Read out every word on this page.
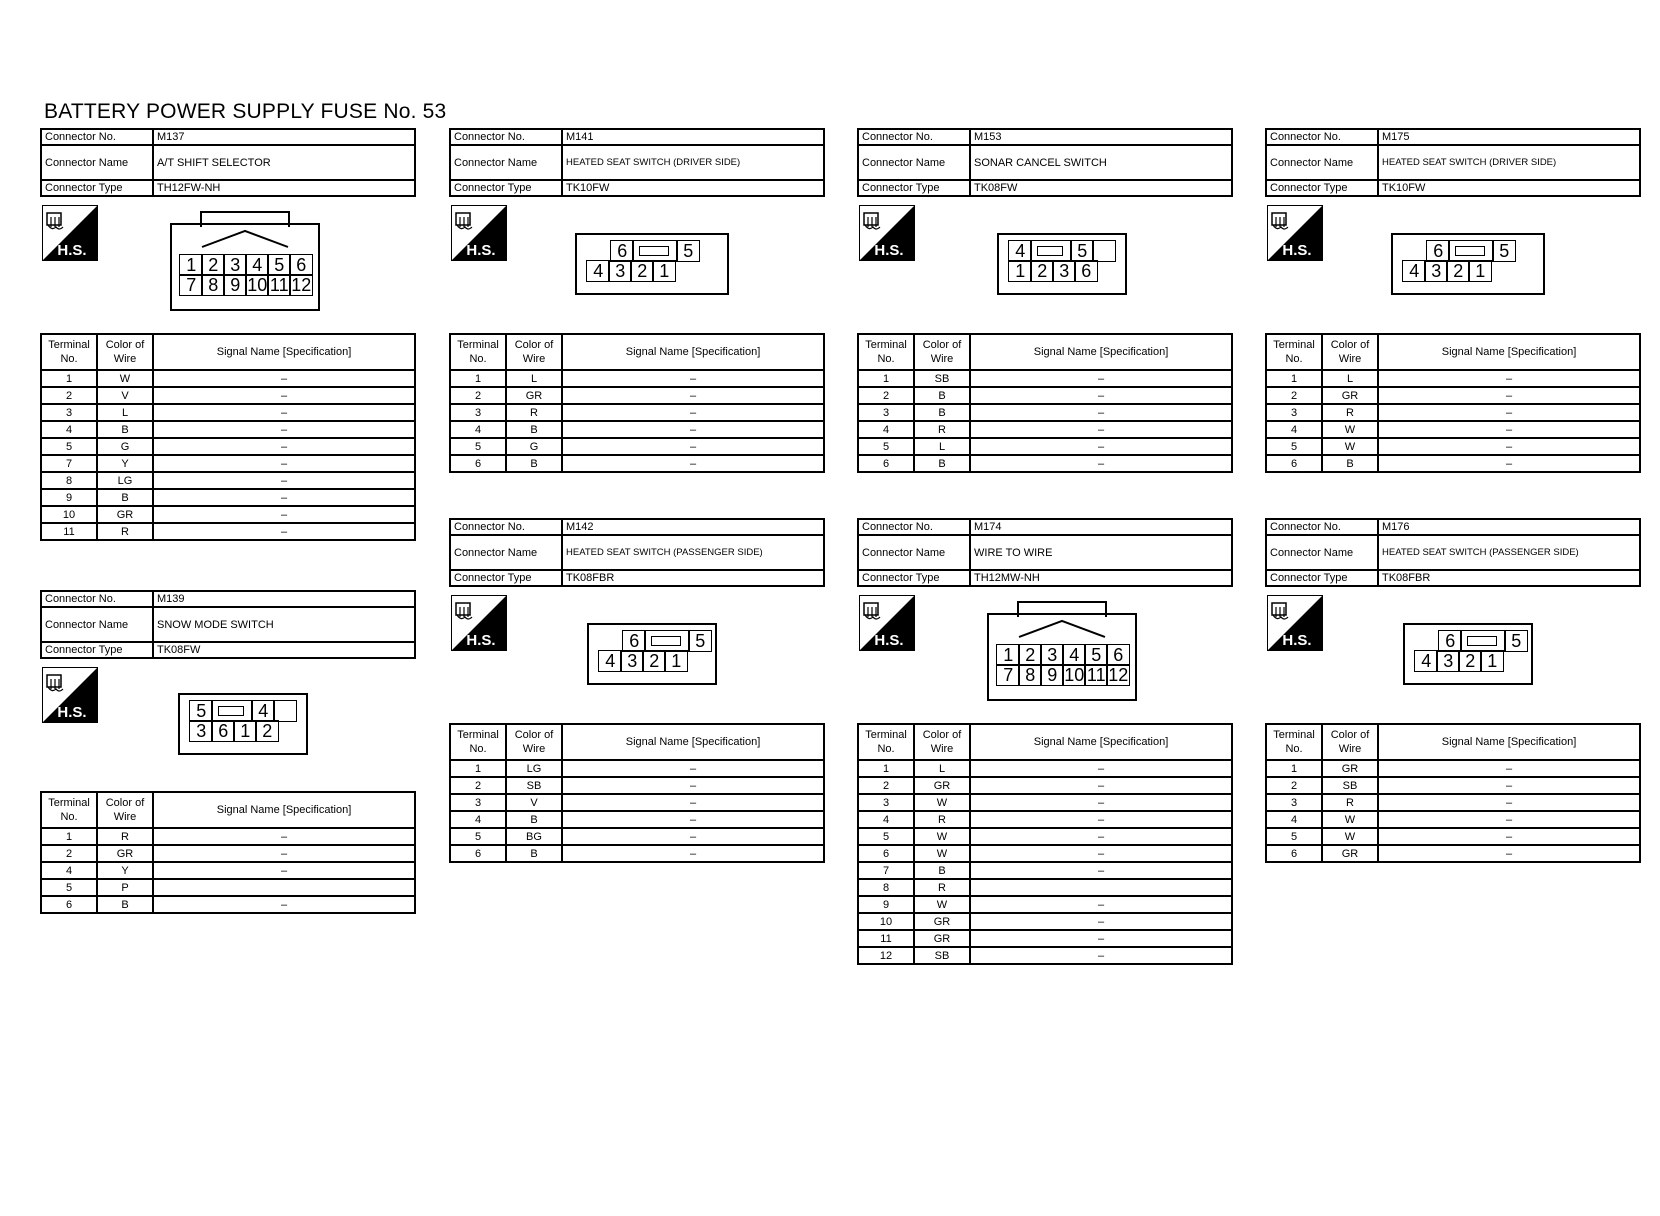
BATTERY POWER SUPPLY FUSE No. 53
Connector No.	M137
Connector Name	A/T SHIFT SELECTOR
Connector Type	TH12FW-NH
H.S.
1 2 3 4 5 6
7 8 9 10 11 12
Terminal No.	Color of Wire	Signal Name [Specification]
1	W	–
2	V	–
3	L	–
4	B	–
5	G	–
7	Y	–
8	LG	–
9	B	–
10	GR	–
11	R	–
Connector No.	M139
Connector Name	SNOW MODE SWITCH
Connector Type	TK08FW
H.S.	5	4
3 6 1 2
Terminal No.	Color of Wire	Signal Name [Specification]
1	R	–
2	GR	–
4	Y	–
5	P	
6	B	–
Connector No.	M141
Connector Name	HEATED SEAT SWITCH (DRIVER SIDE)
Connector Type	TK10FW
H.S.	6	5
4 3 2 1
Terminal No.	Color of Wire	Signal Name [Specification]
1	L	–
2	GR	–
3	R	–
4	B	–
5	G	–
6	B	–
Connector No.	M142
Connector Name	HEATED SEAT SWITCH (PASSENGER SIDE)
Connector Type	TK08FBR
H.S.	6	5
4 3 2 1
Terminal No.	Color of Wire	Signal Name [Specification]
1	LG	–
2	SB	–
3	V	–
4	B	–
5	BG	–
6	B	–
Connector No.	M153
Connector Name	SONAR CANCEL SWITCH
Connector Type	TK08FW
H.S.	4	5
1 2 3 6
Terminal No.	Color of Wire	Signal Name [Specification]
1	SB	–
2	B	–
3	B	–
4	R	–
5	L	–
6	B	–
Connector No.	M174
Connector Name	WIRE TO WIRE
Connector Type	TH12MW-NH
H.S.
1 2 3 4 5 6
7 8 9 10 11 12
Terminal No.	Color of Wire	Signal Name [Specification]
1	L	–
2	GR	–
3	W	–
4	R	–
5	W	–
6	W	–
7	B	–
8	R	
9	W	–
10	GR	–
11	GR	–
12	SB	–
Connector No.	M175
Connector Name	HEATED SEAT SWITCH (DRIVER SIDE)
Connector Type	TK10FW
H.S.	6	5
4 3 2 1
Terminal No.	Color of Wire	Signal Name [Specification]
1	L	–
2	GR	–
3	R	–
4	W	–
5	W	–
6	B	–
Connector No.	M176
Connector Name	HEATED SEAT SWITCH (PASSENGER SIDE)
Connector Type	TK08FBR
H.S.	6	5
4 3 2 1
Terminal No.	Color of Wire	Signal Name [Specification]
1	GR	–
2	SB	–
3	R	–
4	W	–
5	W	–
6	GR	–
